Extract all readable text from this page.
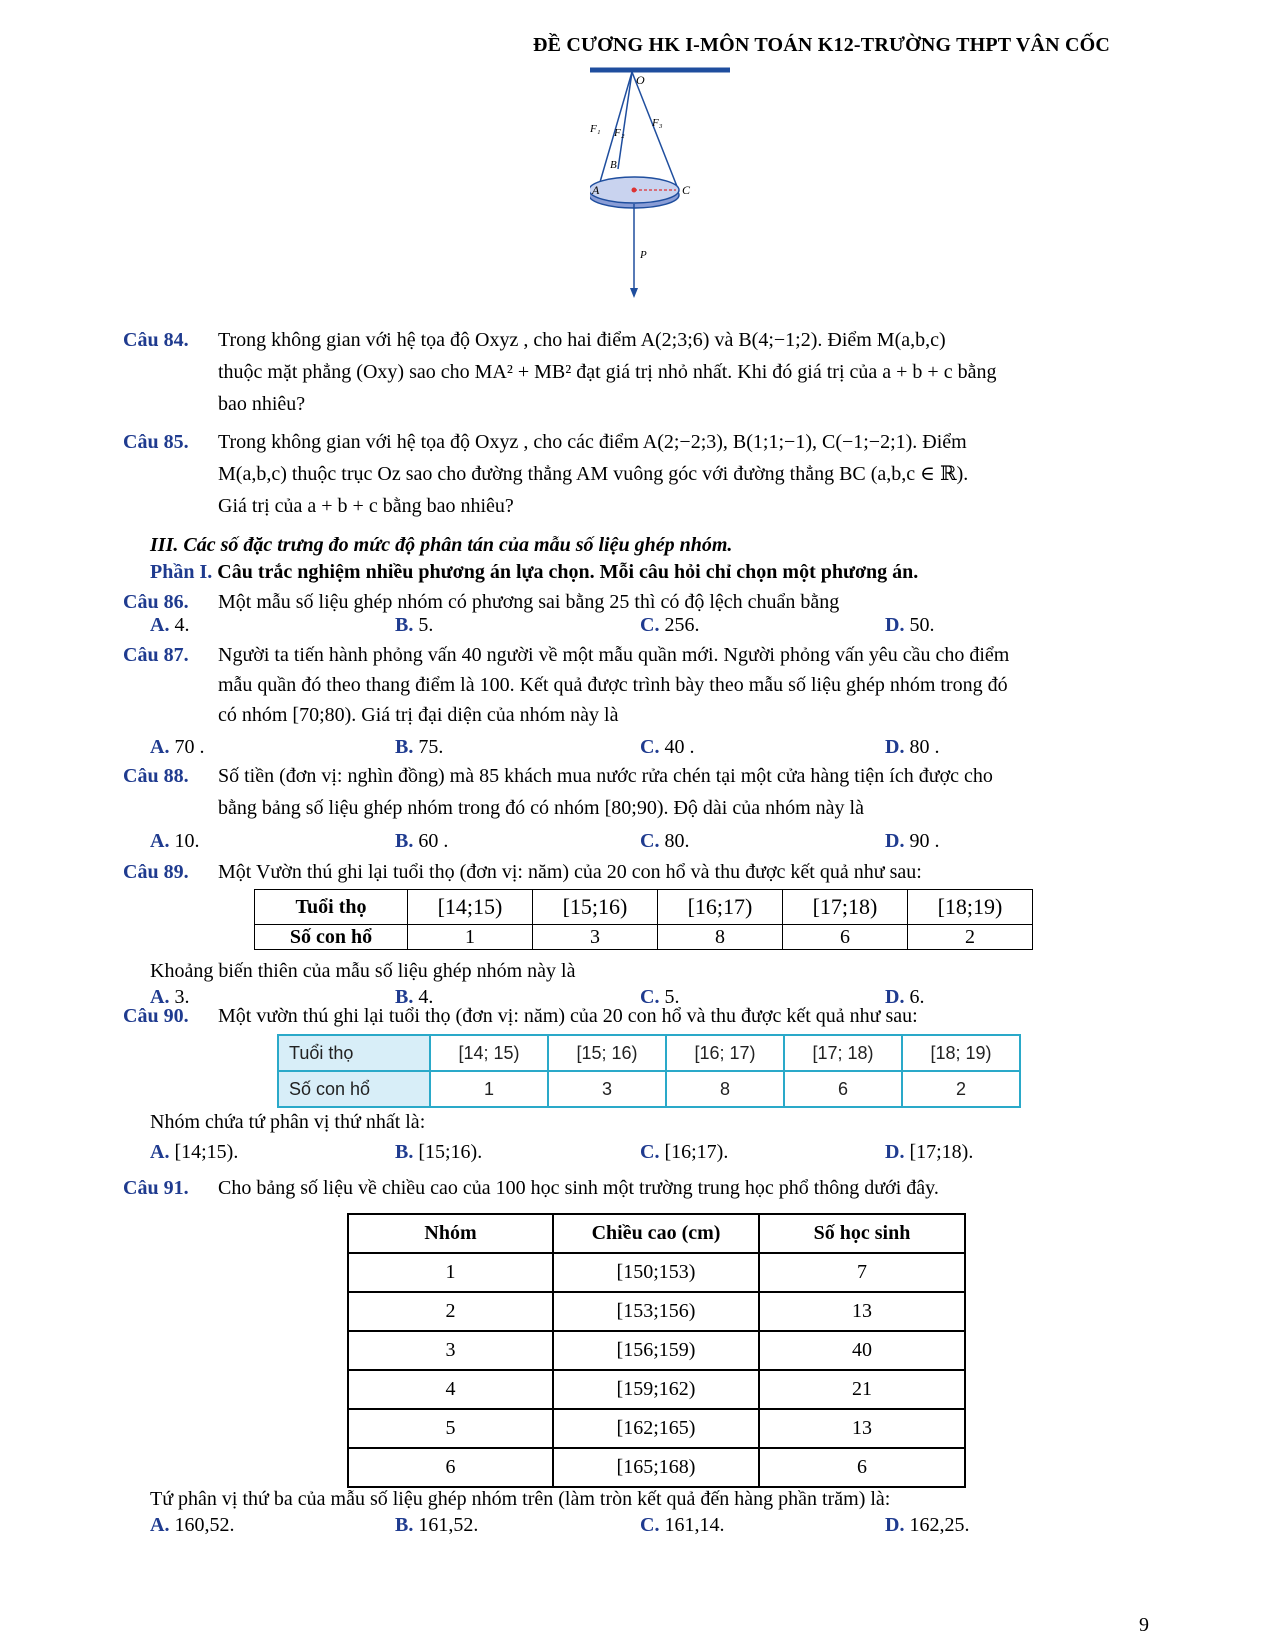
ĐỀ CƯƠNG HK I-MÔN TOÁN K12-TRƯỜNG THPT VÂN CỐC
O
F₁ F₂
F₃
B
A	C
P
Câu 84. Trong không gian với hệ tọa độ Oxyz , cho hai điểm A(2;3;6) và B(4;−1;2). Điểm M(a,b,c)
thuộc mặt phẳng (Oxy) sao cho MA² + MB² đạt giá trị nhỏ nhất. Khi đó giá trị của a + b + c bằng
bao nhiêu?
Câu 85. Trong không gian với hệ tọa độ Oxyz , cho các điểm A(2;−2;3), B(1;1;−1), C(−1;−2;1). Điểm
M(a,b,c) thuộc trục Oz sao cho đường thẳng AM vuông góc với đường thẳng BC (a,b,c ∈ ℝ).
Giá trị của a + b + c bằng bao nhiêu?
III. Các số đặc trưng đo mức độ phân tán của mẫu số liệu ghép nhóm.
Phần I. Câu trắc nghiệm nhiều phương án lựa chọn. Mỗi câu hỏi chỉ chọn một phương án.
Câu 86. Một mẫu số liệu ghép nhóm có phương sai bằng 25 thì có độ lệch chuẩn bằng
A. 4.	B. 5.	C. 256.	D. 50.
Câu 87. Người ta tiến hành phỏng vấn 40 người về một mẫu quần mới. Người phỏng vấn yêu cầu cho điểm
mẫu quần đó theo thang điểm là 100. Kết quả được trình bày theo mẫu số liệu ghép nhóm trong đó
có nhóm [70;80). Giá trị đại diện của nhóm này là
A. 70 .	B. 75.	C. 40 .	D. 80 .
Câu 88. Số tiền (đơn vị: nghìn đồng) mà 85 khách mua nước rửa chén tại một cửa hàng tiện ích được cho
bằng bảng số liệu ghép nhóm trong đó có nhóm [80;90). Độ dài của nhóm này là
A. 10.	B. 60 .	C. 80.	D. 90 .
Câu 89. Một Vườn thú ghi lại tuổi thọ (đơn vị: năm) của 20 con hổ và thu được kết quả như sau:
Tuổi thọ	[14;15)	[15;16)	[16;17)	[17;18)	[18;19)
Số con hổ	1	3	8	6	2
Khoảng biến thiên của mẫu số liệu ghép nhóm này là
A. 3.	B. 4.	C. 5.	D. 6.
Câu 90. Một vườn thú ghi lại tuổi thọ (đơn vị: năm) của 20 con hổ và thu được kết quả như sau:
Tuổi thọ	[14; 15)	[15; 16)	[16; 17)	[17; 18)	[18; 19)
Số con hổ	1	3	8	6	2
Nhóm chứa tứ phân vị thứ nhất là:
A. [14;15).	B. [15;16).	C. [16;17).	D. [17;18).
Câu 91. Cho bảng số liệu về chiều cao của 100 học sinh một trường trung học phổ thông dưới đây.
Nhóm	Chiều cao (cm)	Số học sinh
1	[150;153)	7
2	[153;156)	13
3	[156;159)	40
4	[159;162)	21
5	[162;165)	13
6	[165;168)	6
Tứ phân vị thứ ba của mẫu số liệu ghép nhóm trên (làm tròn kết quả đến hàng phần trăm) là:
A. 160,52.	B. 161,52.	C. 161,14.	D. 162,25.
9
